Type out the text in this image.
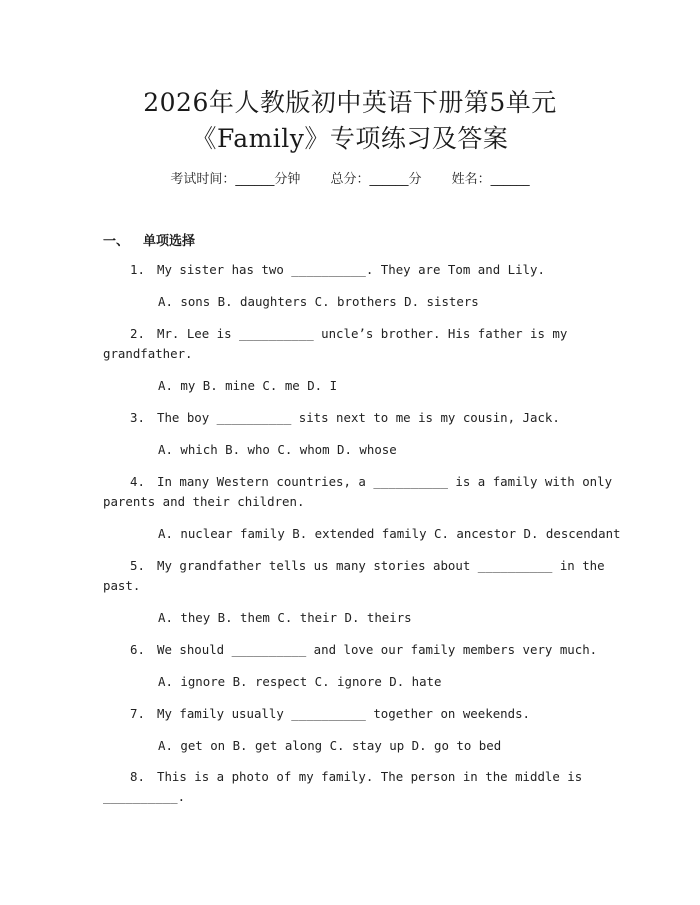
2026年人教版初中英语下册第5单元
《Family》专项练习及答案
考试时间：______分钟 总分：______分 姓名：______
一、 单项选择
1. My sister has two __________. They are Tom and Lily.
A. sons B. daughters C. brothers D. sisters
2. Mr. Lee is __________ uncle’s brother. His father is my
grandfather.
A. my B. mine C. me D. I
3. The boy __________ sits next to me is my cousin, Jack.
A. which B. who C. whom D. whose
4. In many Western countries, a __________ is a family with only
parents and their children.
A. nuclear family B. extended family C. ancestor D. descendant
5. My grandfather tells us many stories about __________ in the
past.
A. they B. them C. their D. theirs
6. We should __________ and love our family members very much.
A. ignore B. respect C. ignore D. hate
7. My family usually __________ together on weekends.
A. get on B. get along C. stay up D. go to bed
8. This is a photo of my family. The person in the middle is
__________.
